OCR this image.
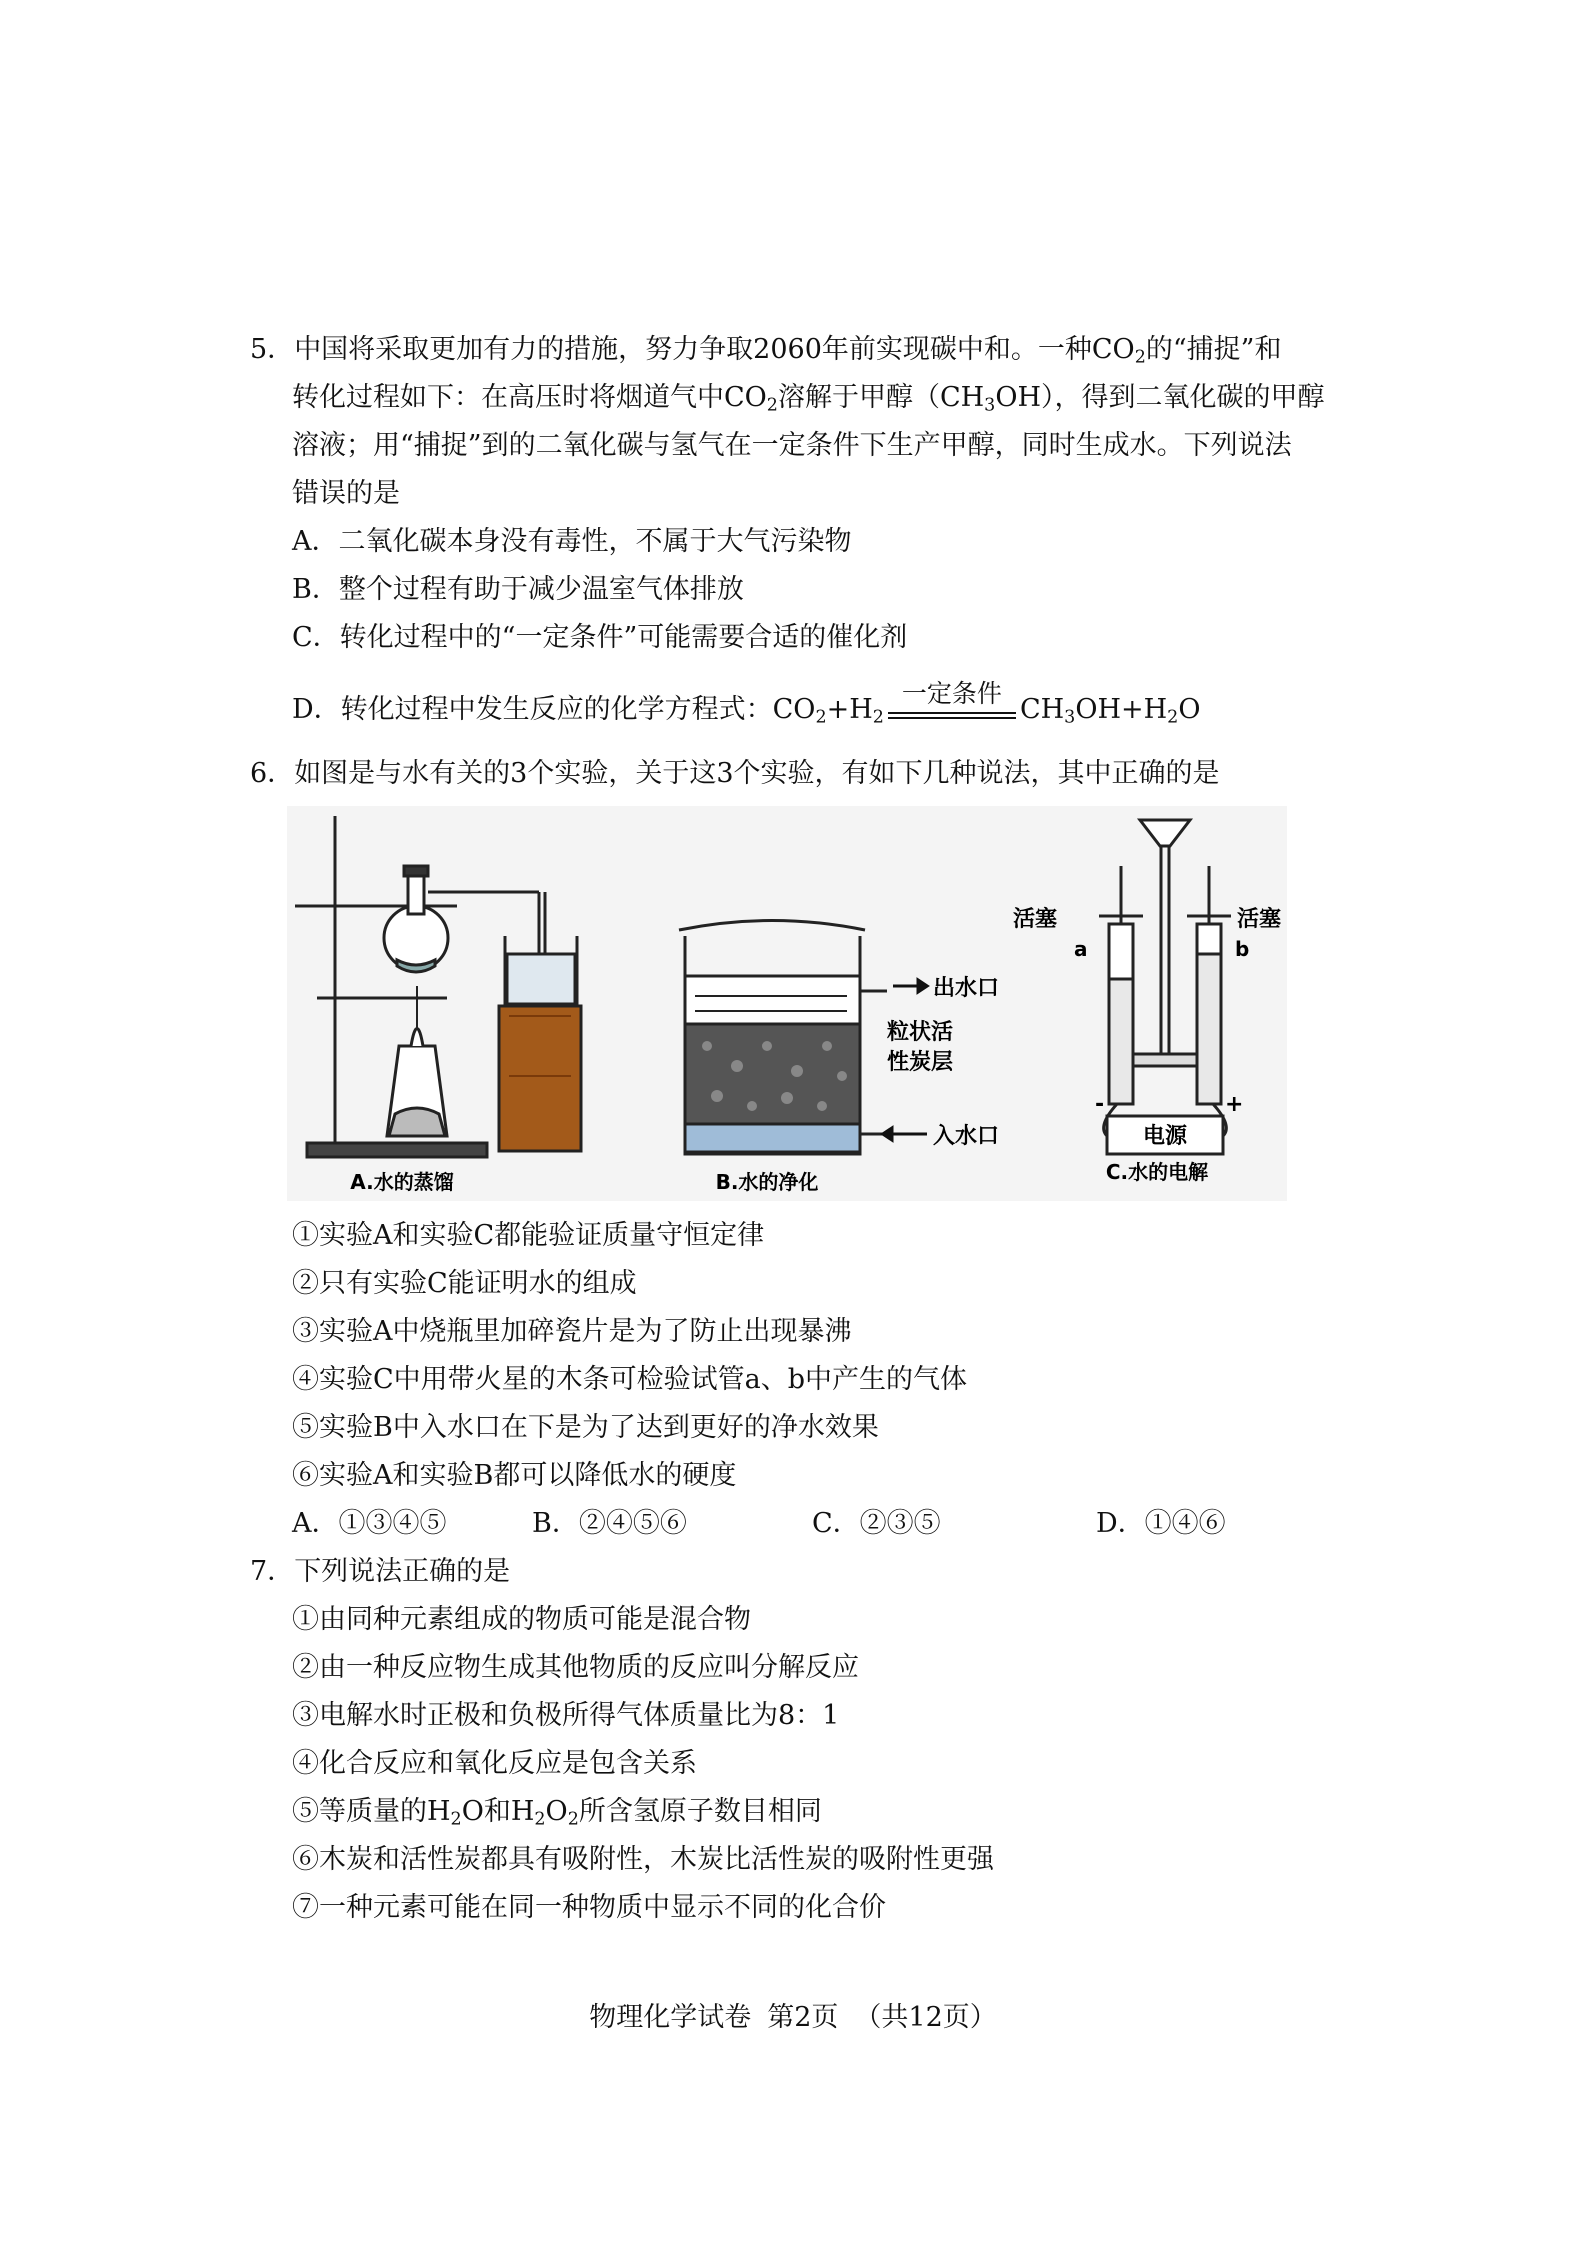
5．中国将采取更加有力的措施，努力争取2060年前实现碳中和。一种$CO_2$的“捕捉”和
转化过程如下：在高压时将烟道气中$CO_2$溶解于甲醇$(CH_3OH)$，得到二氧化碳的甲醇
溶液；用“捕捉”到的二氧化碳与氢气在一定条件下生产甲醇，同时生成水。下列说法
错误的是
A．二氧化碳本身没有毒性，不属于大气污染物
B．整个过程有助于减少温室气体排放
C．转化过程中的“一定条件”可能需要合适的催化剂
D．转化过程中发生反应的化学方程式：$CO_2+H_2$
一定条件
$CH_3OH+H_2O$
6．如图是与水有关的3个实验，关于这3个实验，有如下几种说法，其中正确的是
A.水的蒸馏
出水口
粒状活
性炭层
入水口
B.水的净化
活塞	活塞
a	b
-	+
电源
C.水的电解
①实验A和实验C都能验证质量守恒定律
②只有实验C能证明水的组成
③实验A中烧瓶里加碎瓷片是为了防止出现暴沸
④实验C中用带火星的木条可检验试管a、b中产生的气体
⑤实验B中入水口在下是为了达到更好的净水效果
⑥实验A和实验B都可以降低水的硬度
A．①③④⑤	B．②④⑤⑥	C．②③⑤	D．①④⑥
7．下列说法正确的是
①由同种元素组成的物质可能是混合物
②由一种反应物生成其他物质的反应叫分解反应
③电解水时正极和负极所得气体质量比为8：1
④化合反应和氧化反应是包含关系
⑤等质量的$H_2O$和$H_2O_2$所含氢原子数目相同
⑥木炭和活性炭都具有吸附性，木炭比活性炭的吸附性更强
⑦一种元素可能在同一种物质中显示不同的化合价
物理化学试卷 第2页 （共12页）
